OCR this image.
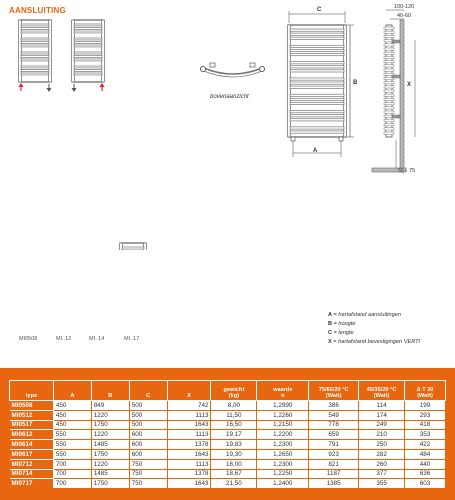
AANSLUITING
bovenaanzicht
C
A
B	X
100-120
40-60
55 - 75
MI0508	MI..12	MI..14	MI..17
A = hartafstand aansluitingen
B = hoogte
C = lengte
X = hartafstand bevestigingen VERTI
type	A	B	C	X	gewicht
(kg)	waarde
n	75/65/20 °C
(Watt)	45/35/20 °C
(Watt)	Δ T 30
(Watt)

MI0508	450	849	500	742	8,00	1,2990	386	114	199
MI0512	450	1220	500	1113	11,50	1,2260	549	174	293
MI0517	450	1750	500	1643	16,50	1,2150	778	249	418
MI0612	550	1220	600	1113	19,17	1,2200	659	210	353
MI0614	550	1485	600	1378	19,83	1,2300	791	250	422
MI0617	550	1750	600	1643	19,30	1,2650	923	282	484
MI0712	700	1220	750	1113	16,00	1,2300	821	260	440
MI0714	700	1485	750	1378	18,67	1,2250	1187	377	636
MI0717	700	1750	750	1643	21,50	1,2400	1385	355	603
